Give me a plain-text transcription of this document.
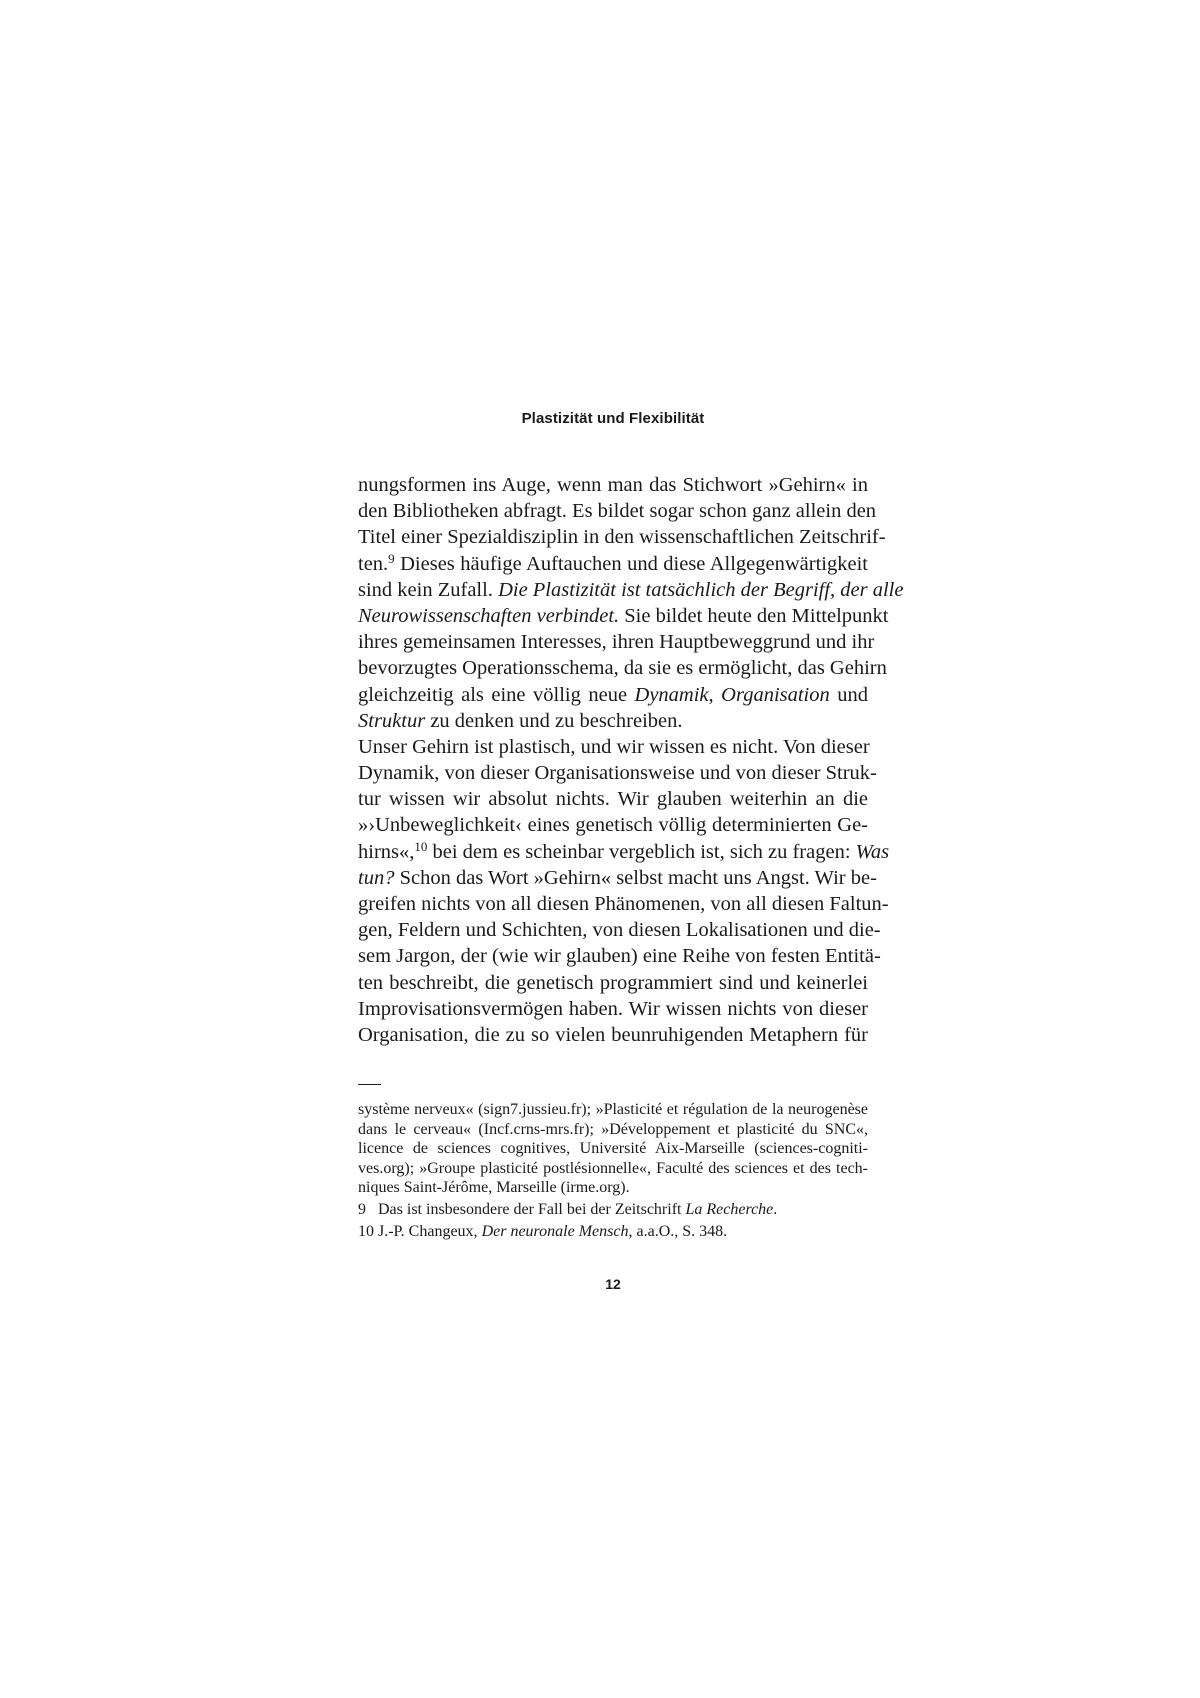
Plastizität und Flexibilität
nungsformen ins Auge, wenn man das Stichwort »Gehirn« in
den Bibliotheken abfragt. Es bildet sogar schon ganz allein den
Titel einer Spezialdisziplin in den wissenschaftlichen Zeitschrif-
ten.$^9$ Dieses häufige Auftauchen und diese Allgegenwärtigkeit
sind kein Zufall. Die Plastizität ist tatsächlich der Begriff, der alle
Neurowissenschaften verbindet. Sie bildet heute den Mittelpunkt
ihres gemeinsamen Interesses, ihren Hauptbeweggrund und ihr
bevorzugtes Operationsschema, da sie es ermöglicht, das Gehirn
gleichzeitig als eine völlig neue Dynamik, Organisation und
Struktur zu denken und zu beschreiben.
Unser Gehirn ist plastisch, und wir wissen es nicht. Von dieser
Dynamik, von dieser Organisationsweise und von dieser Struk-
tur wissen wir absolut nichts. Wir glauben weiterhin an die
»›Unbeweglichkeit‹ eines genetisch völlig determinierten Ge-
hirns«,$^{10}$ bei dem es scheinbar vergeblich ist, sich zu fragen: Was
tun? Schon das Wort »Gehirn« selbst macht uns Angst. Wir be-
greifen nichts von all diesen Phänomenen, von all diesen Faltun-
gen, Feldern und Schichten, von diesen Lokalisationen und die-
sem Jargon, der (wie wir glauben) eine Reihe von festen Entitä-
ten beschreibt, die genetisch programmiert sind und keinerlei
Improvisationsvermögen haben. Wir wissen nichts von dieser
Organisation, die zu so vielen beunruhigenden Metaphern für
système nerveux« (sign7.jussieu.fr); »Plasticité et régulation de la neurogenèse
dans le cerveau« (Incf.crns-mrs.fr); »Développement et plasticité du SNC«,
licence de sciences cognitives, Université Aix-Marseille (sciences-cogniti-
ves.org); »Groupe plasticité postlésionnelle«, Faculté des sciences et des tech-
niques Saint-Jérôme, Marseille (irme.org).
9 Das ist insbesondere der Fall bei der Zeitschrift La Recherche.
10 J.-P. Changeux, Der neuronale Mensch, a.a.O., S. 348.
12
